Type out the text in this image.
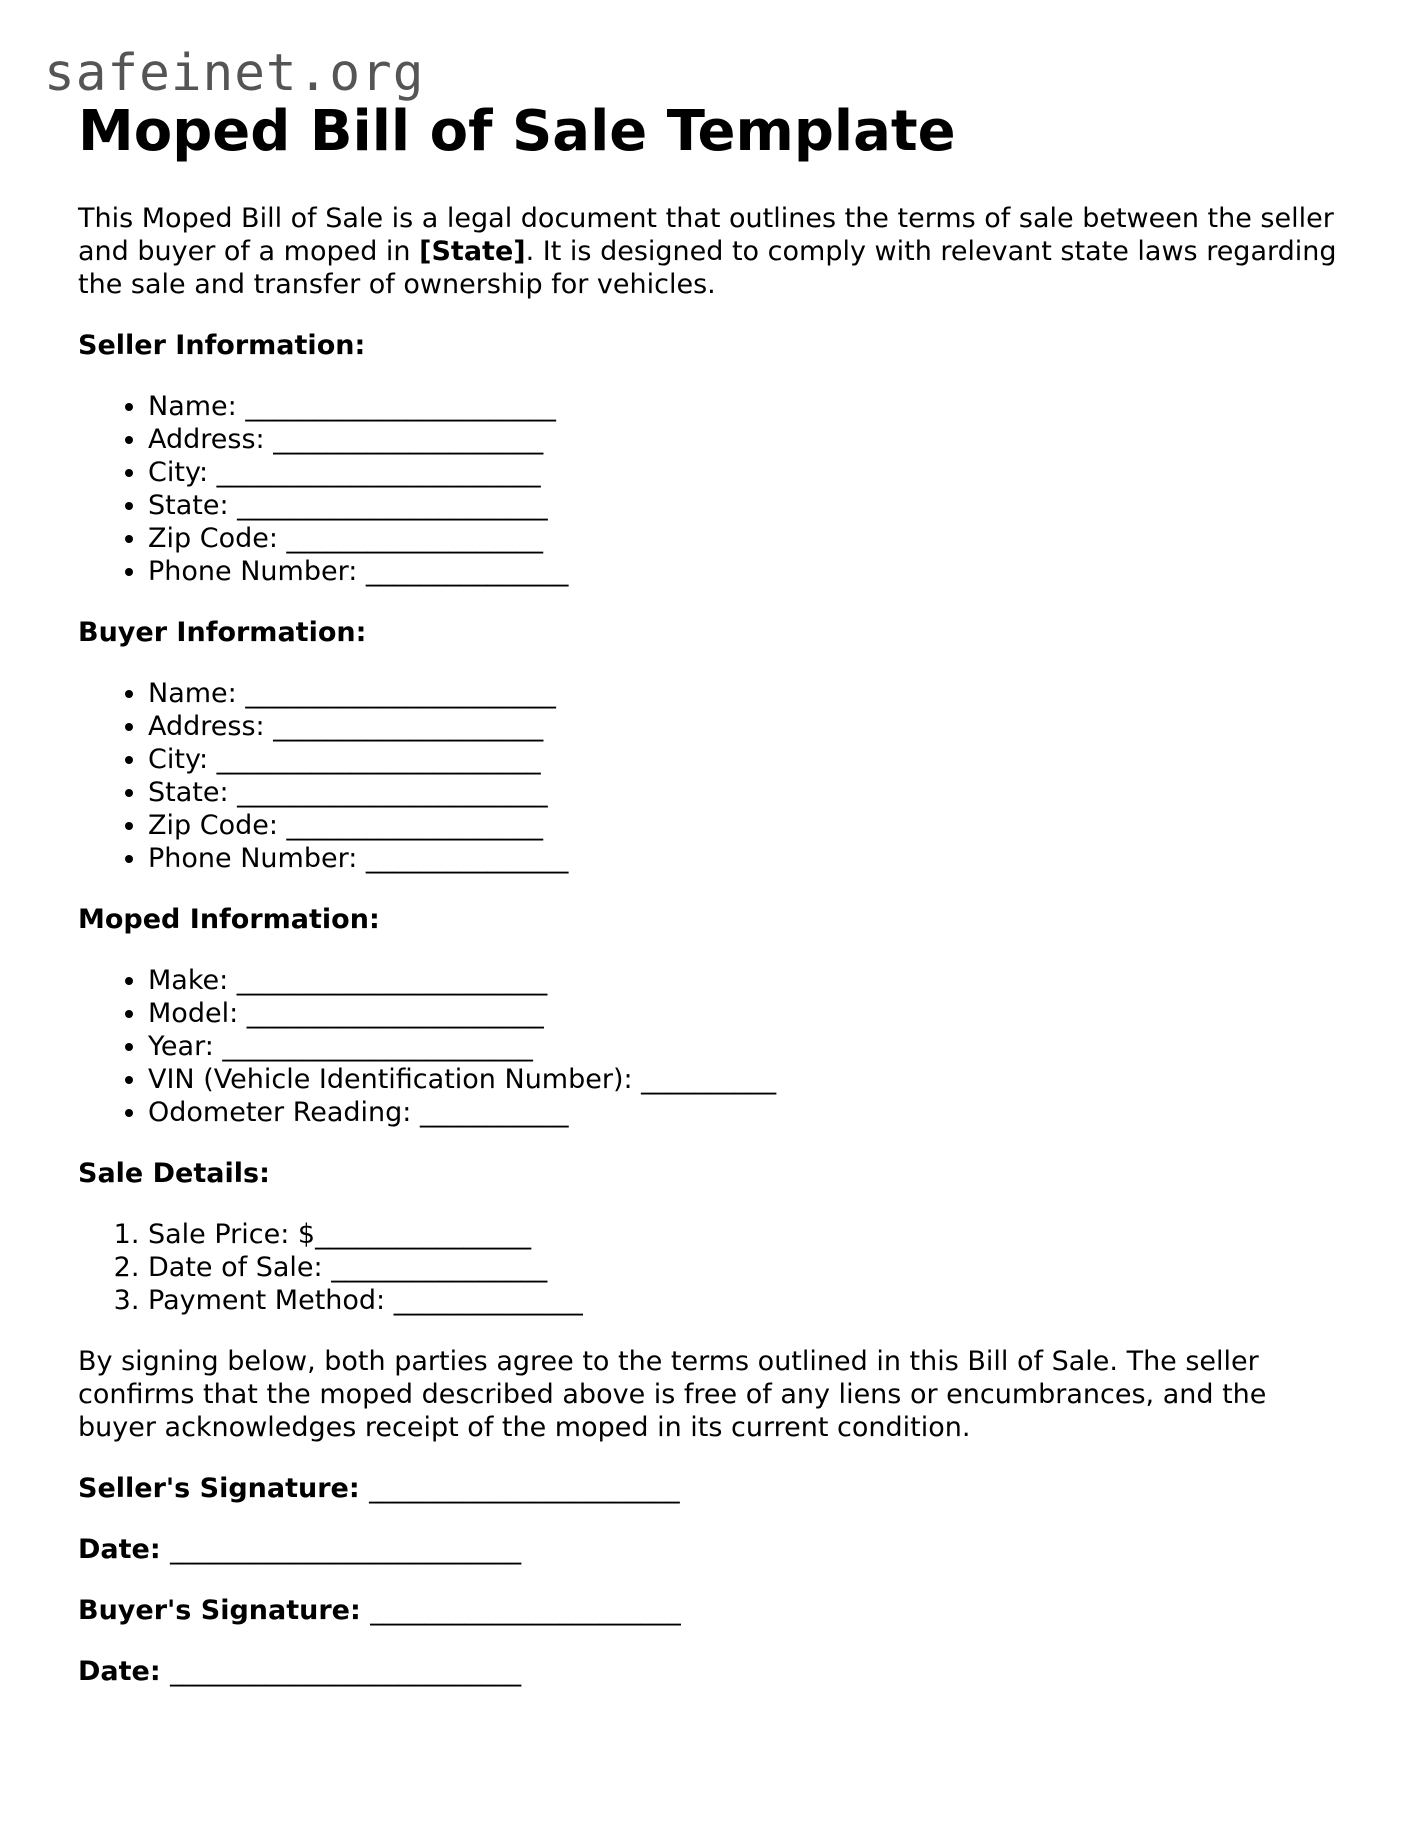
safeinet.org
Moped Bill of Sale Template

This Moped Bill of Sale is a legal document that outlines the terms of sale between the seller and buyer of a moped in [State]. It is designed to comply with relevant state laws regarding the sale and transfer of ownership for vehicles.

Seller Information:
• Name: _______________________
• Address: ____________________
• City: ________________________
• State: _______________________
• Zip Code: ___________________
• Phone Number: _______________
Buyer Information:
• Name: _______________________
• Address: ____________________
• City: ________________________
• State: _______________________
• Zip Code: ___________________
• Phone Number: _______________
Moped Information:
• Make: _______________________
• Model: ______________________
• Year: _______________________
• VIN (Vehicle Identification Number): __________
• Odometer Reading: ___________
Sale Details:
1. Sale Price: $________________
2. Date of Sale: ________________
3. Payment Method: ______________

By signing below, both parties agree to the terms outlined in this Bill of Sale. The seller confirms that the moped described above is free of any liens or encumbrances, and the buyer acknowledges receipt of the moped in its current condition.

Seller's Signature: _______________________
Date: __________________________
Buyer's Signature: _______________________
Date: __________________________
